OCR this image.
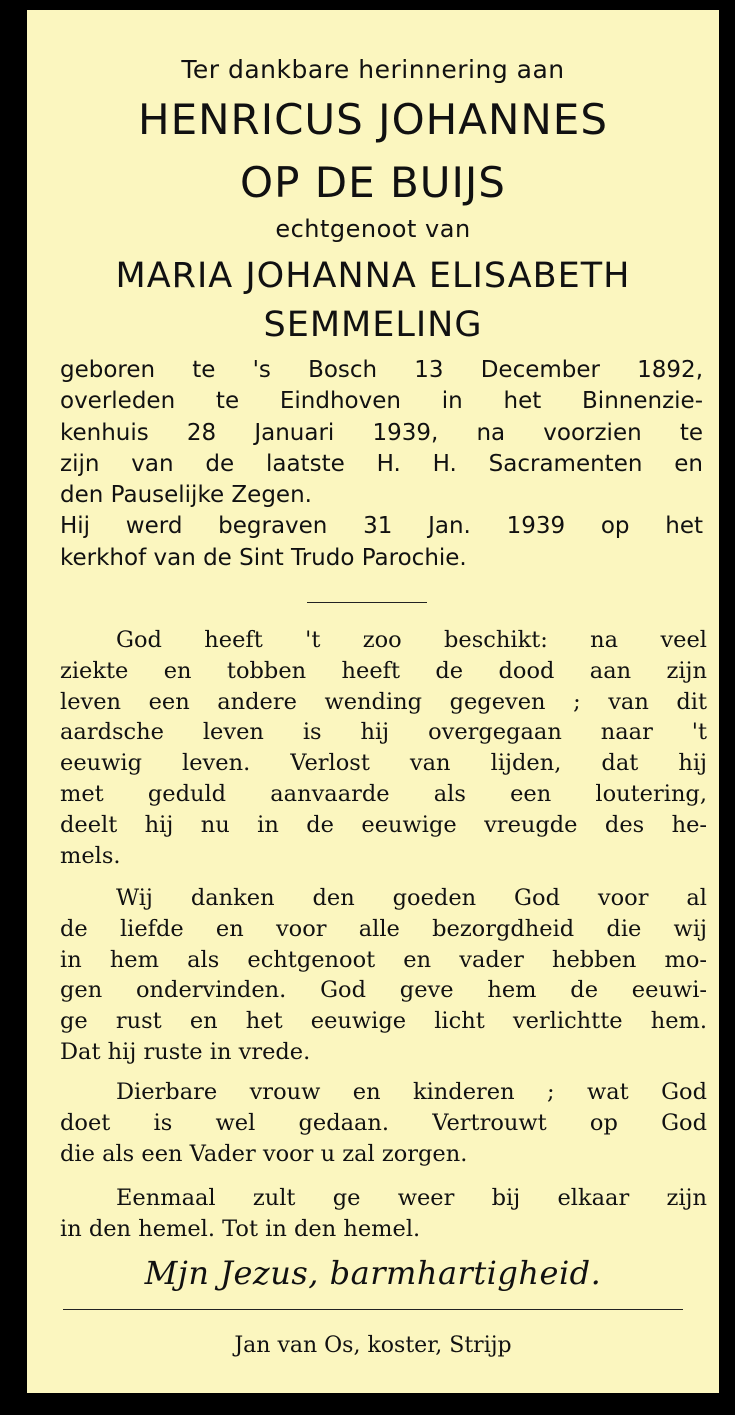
Ter dankbare herinnering aan
HENRICUS JOHANNES
OP DE BUIJS
echtgenoot van
MARIA JOHANNA ELISABETH
SEMMELING
geboren te 's Bosch 13 December 1892,
overleden te Eindhoven in het Binnenzie-
kenhuis 28 Januari 1939, na voorzien te
zijn van de laatste H. H. Sacramenten en
den Pauselijke Zegen.
Hij werd begraven 31 Jan. 1939 op het
kerkhof van de Sint Trudo Parochie.
God heeft 't zoo beschikt: na veel
ziekte en tobben heeft de dood aan zijn
leven een andere wending gegeven ; van dit
aardsche leven is hij overgegaan naar 't
eeuwig leven. Verlost van lijden, dat hij
met geduld aanvaarde als een loutering,
deelt hij nu in de eeuwige vreugde des he-
mels.
Wij danken den goeden God voor al
de liefde en voor alle bezorgdheid die wij
in hem als echtgenoot en vader hebben mo-
gen ondervinden. God geve hem de eeuwi-
ge rust en het eeuwige licht verlichtte hem.
Dat hij ruste in vrede.
Dierbare vrouw en kinderen ; wat God
doet is wel gedaan. Vertrouwt op God
die als een Vader voor u zal zorgen.
Eenmaal zult ge weer bij elkaar zijn
in den hemel. Tot in den hemel.
Mjn Jezus, barmhartigheid.
Jan van Os, koster, Strijp
